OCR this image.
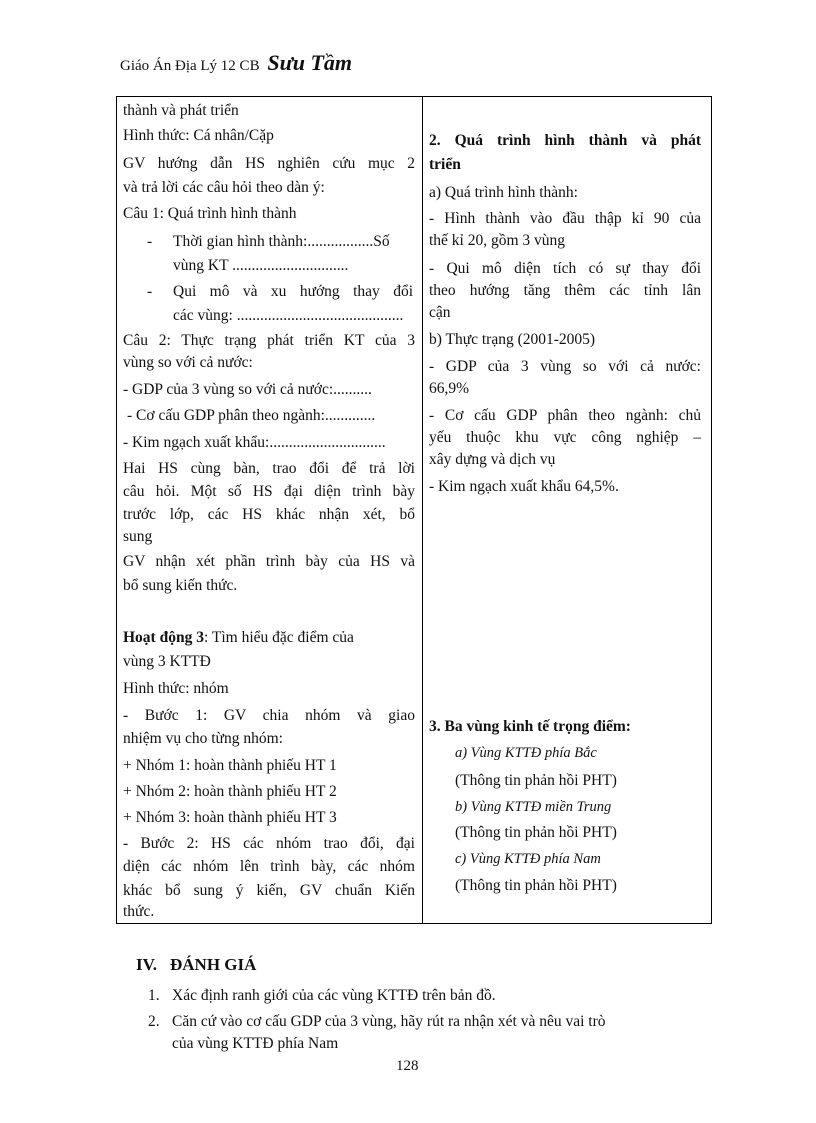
Giáo Án Địa Lý 12 CB Sưu Tầm
thành và phát triển
Hình thức: Cá nhân/Cặp
GV hướng dẫn HS nghiên cứu mục 2
và trả lời các câu hỏi theo dàn ý:
Câu 1: Quá trình hình thành
- Thời gian hình thành:.................Số
vùng KT ..............................
- Qui mô và xu hướng thay đổi
các vùng: ...........................................
Câu 2: Thực trạng phát triển KT của 3
vùng so với cả nước:
- GDP của 3 vùng so với cả nước:..........
- Cơ cấu GDP phân theo ngành:.............
- Kim ngạch xuất khẩu:..............................
Hai HS cùng bàn, trao đổi để trả lời
câu hỏi. Một số HS đại diện trình bày
trước lớp, các HS khác nhận xét, bổ
sung
GV nhận xét phần trình bày của HS và
bổ sung kiến thức.
Hoạt động 3: Tìm hiểu đặc điểm của
vùng 3 KTTĐ
Hình thức: nhóm
- Bước 1: GV chia nhóm và giao
nhiệm vụ cho từng nhóm:
+ Nhóm 1: hoàn thành phiếu HT 1
+ Nhóm 2: hoàn thành phiếu HT 2
+ Nhóm 3: hoàn thành phiếu HT 3
- Bước 2: HS các nhóm trao đổi, đại
diện các nhóm lên trình bày, các nhóm
khác bổ sung ý kiến, GV chuẩn Kiến
thức.

2. Quá trình hình thành và phát
triển
a) Quá trình hình thành:
- Hình thành vào đầu thập kỉ 90 của
thế kỉ 20, gồm 3 vùng
- Qui mô diện tích có sự thay đổi
theo hướng tăng thêm các tỉnh lân
cận
b) Thực trạng (2001-2005)
- GDP của 3 vùng so với cả nước:
66,9%
- Cơ cấu GDP phân theo ngành: chủ
yếu thuộc khu vực công nghiệp –
xây dựng và dịch vụ
- Kim ngạch xuất khẩu 64,5%.
3. Ba vùng kinh tế trọng điểm:
a) Vùng KTTĐ phía Bắc
(Thông tin phản hồi PHT)
b) Vùng KTTĐ miền Trung
(Thông tin phản hồi PHT)
c) Vùng KTTĐ phía Nam
(Thông tin phản hồi PHT)
IV. ĐÁNH GIÁ
1. Xác định ranh giới của các vùng KTTĐ trên bản đồ.
2. Căn cứ vào cơ cấu GDP của 3 vùng, hãy rút ra nhận xét và nêu vai trò
của vùng KTTĐ phía Nam
128
